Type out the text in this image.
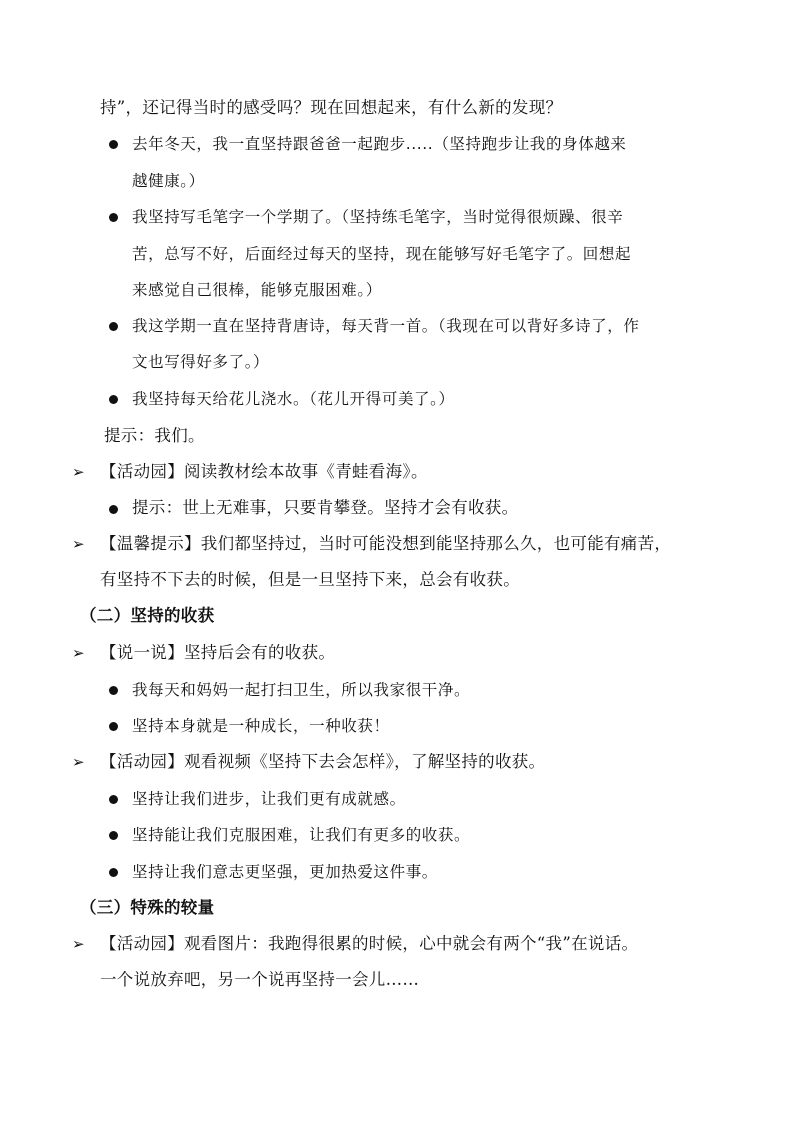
持”，还记得当时的感受吗？现在回想起来，有什么新的发现？
去年冬天，我一直坚持跟爸爸一起跑步.....（坚持跑步让我的身体越来
越健康。）
我坚持写毛笔字一个学期了。（坚持练毛笔字，当时觉得很烦躁、很辛
苦，总写不好，后面经过每天的坚持，现在能够写好毛笔字了。回想起
来感觉自己很棒，能够克服困难。）
我这学期一直在坚持背唐诗，每天背一首。（我现在可以背好多诗了，作
文也写得好多了。）
我坚持每天给花儿浇水。（花儿开得可美了。）
提示：我们。
➢ 【活动园】阅读教材绘本故事《青蛙看海》。
提示：世上无难事，只要肯攀登。坚持才会有收获。
➢ 【温馨提示】我们都坚持过，当时可能没想到能坚持那么久，也可能有痛苦，
有坚持不下去的时候，但是一旦坚持下来，总会有收获。
（二）坚持的收获
➢ 【说一说】坚持后会有的收获。
我每天和妈妈一起打扫卫生，所以我家很干净。
坚持本身就是一种成长，一种收获！
➢ 【活动园】观看视频《坚持下去会怎样》，了解坚持的收获。
坚持让我们进步，让我们更有成就感。
坚持能让我们克服困难，让我们有更多的收获。
坚持让我们意志更坚强，更加热爱这件事。
（三）特殊的较量
➢ 【活动园】观看图片：我跑得很累的时候，心中就会有两个“我”在说话。
一个说放弃吧，另一个说再坚持一会儿……
